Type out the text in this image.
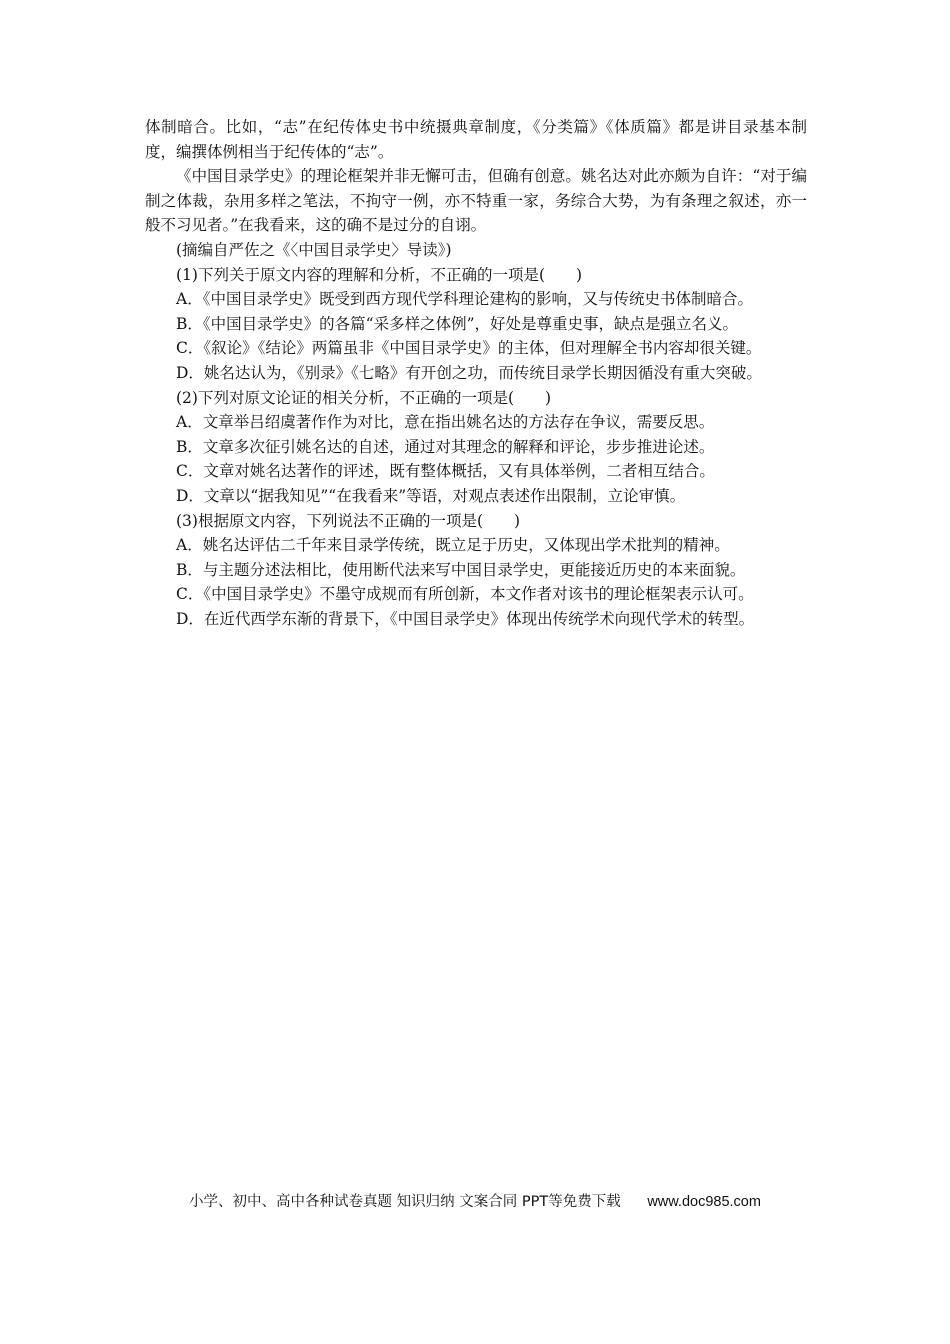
体制暗合。比如，“志”在纪传体史书中统摄典章制度，《分类篇》《体质篇》都是讲目录基本制度，编撰体例相当于纪传体的“志”。

《中国目录学史》的理论框架并非无懈可击，但确有创意。姚名达对此亦颇为自许：“对于编制之体裁，杂用多样之笔法，不拘守一例，亦不特重一家，务综合大势，为有条理之叙述，亦一般不习见者。”在我看来，这的确不是过分的自诩。

(摘编自严佐之《〈中国目录学史〉导读》)

(1)下列关于原文内容的理解和分析，不正确的一项是(　　)

A．《中国目录学史》既受到西方现代学科理论建构的影响，又与传统史书体制暗合。

B．《中国目录学史》的各篇“采多样之体例”，好处是尊重史事，缺点是强立名义。

C．《叙论》《结论》两篇虽非《中国目录学史》的主体，但对理解全书内容却很关键。

D．姚名达认为，《别录》《七略》有开创之功，而传统目录学长期因循没有重大突破。

(2)下列对原文论证的相关分析，不正确的一项是(　　)

A．文章举吕绍虞著作作为对比，意在指出姚名达的方法存在争议，需要反思。

B．文章多次征引姚名达的自述，通过对其理念的解释和评论，步步推进论述。

C．文章对姚名达著作的评述，既有整体概括，又有具体举例，二者相互结合。

D．文章以“据我知见”“在我看来”等语，对观点表述作出限制，立论审慎。

(3)根据原文内容，下列说法不正确的一项是(　　)

A．姚名达评估二千年来目录学传统，既立足于历史，又体现出学术批判的精神。

B．与主题分述法相比，使用断代法来写中国目录学史，更能接近历史的本来面貌。

C．《中国目录学史》不墨守成规而有所创新，本文作者对该书的理论框架表示认可。

D．在近代西学东渐的背景下，《中国目录学史》体现出传统学术向现代学术的转型。

小学、初中、高中各种试卷真题 知识归纳 文案合同 PPT等免费下载 www.doc985.com
